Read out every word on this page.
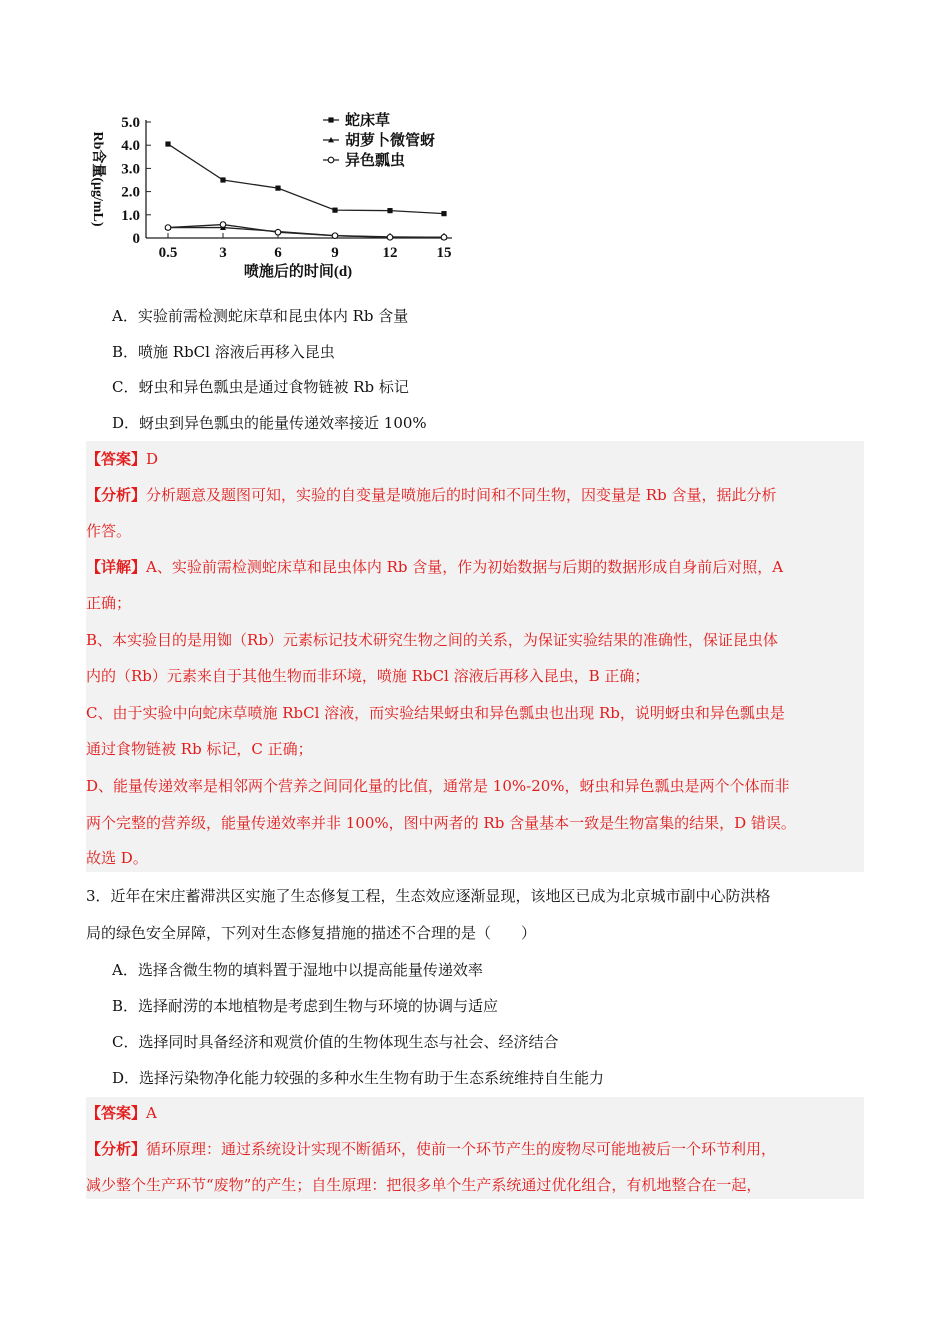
0
1.0
2.0
3.0
4.0
5.0
0.5	3	6	9	12	15
喷施后的时间(d)
Rb含量(μg/mL)
蛇床草
胡萝卜微管蚜
异色瓢虫
A．实验前需检测蛇床草和昆虫体内 Rb 含量
B．喷施 RbCl 溶液后再移入昆虫
C．蚜虫和异色瓢虫是通过食物链被 Rb 标记
D．蚜虫到异色瓢虫的能量传递效率接近 100%
【答案】D
【分析】分析题意及题图可知，实验的自变量是喷施后的时间和不同生物，因变量是 Rb 含量，据此分析
作答。
【详解】A、实验前需检测蛇床草和昆虫体内 Rb 含量，作为初始数据与后期的数据形成自身前后对照，A
正确；
B、本实验目的是用铷（Rb）元素标记技术研究生物之间的关系，为保证实验结果的准确性，保证昆虫体
内的（Rb）元素来自于其他生物而非环境，喷施 RbCl 溶液后再移入昆虫，B 正确；
C、由于实验中向蛇床草喷施 RbCl 溶液，而实验结果蚜虫和异色瓢虫也出现 Rb，说明蚜虫和异色瓢虫是
通过食物链被 Rb 标记，C 正确；
D、能量传递效率是相邻两个营养之间同化量的比值，通常是 10%-20%，蚜虫和异色瓢虫是两个个体而非
两个完整的营养级，能量传递效率并非 100%，图中两者的 Rb 含量基本一致是生物富集的结果，D 错误。
故选 D。
3．近年在宋庄蓄滞洪区实施了生态修复工程，生态效应逐渐显现，该地区已成为北京城市副中心防洪格
局的绿色安全屏障，下列对生态修复措施的描述不合理的是（　　）
A．选择含微生物的填料置于湿地中以提高能量传递效率
B．选择耐涝的本地植物是考虑到生物与环境的协调与适应
C．选择同时具备经济和观赏价值的生物体现生态与社会、经济结合
D．选择污染物净化能力较强的多种水生生物有助于生态系统维持自生能力
【答案】A
【分析】循环原理：通过系统设计实现不断循环，使前一个环节产生的废物尽可能地被后一个环节利用，
减少整个生产环节“废物”的产生；自生原理：把很多单个生产系统通过优化组合，有机地整合在一起，
